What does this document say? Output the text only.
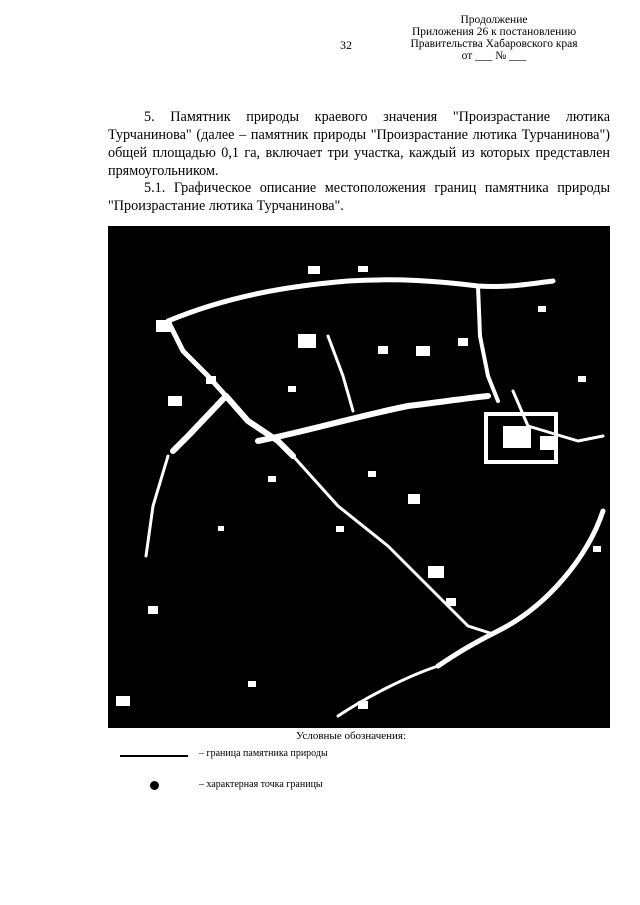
Продолжение
Приложения 26 к постановлению
Правительства Хабаровского края
от ___ № ___
32
5. Памятник природы краевого значения "Произрастание лютика Турчанинова" (далее – памятник природы "Произрастание лютика Турчанинова") общей площадью 0,1 га, включает три участка, каждый из которых представлен прямоугольником.
5.1. Графическое описание местоположения границ памятника природы "Произрастание лютика Турчанинова".
Условные обозначения:
– граница памятника природы
– характерная точка границы
